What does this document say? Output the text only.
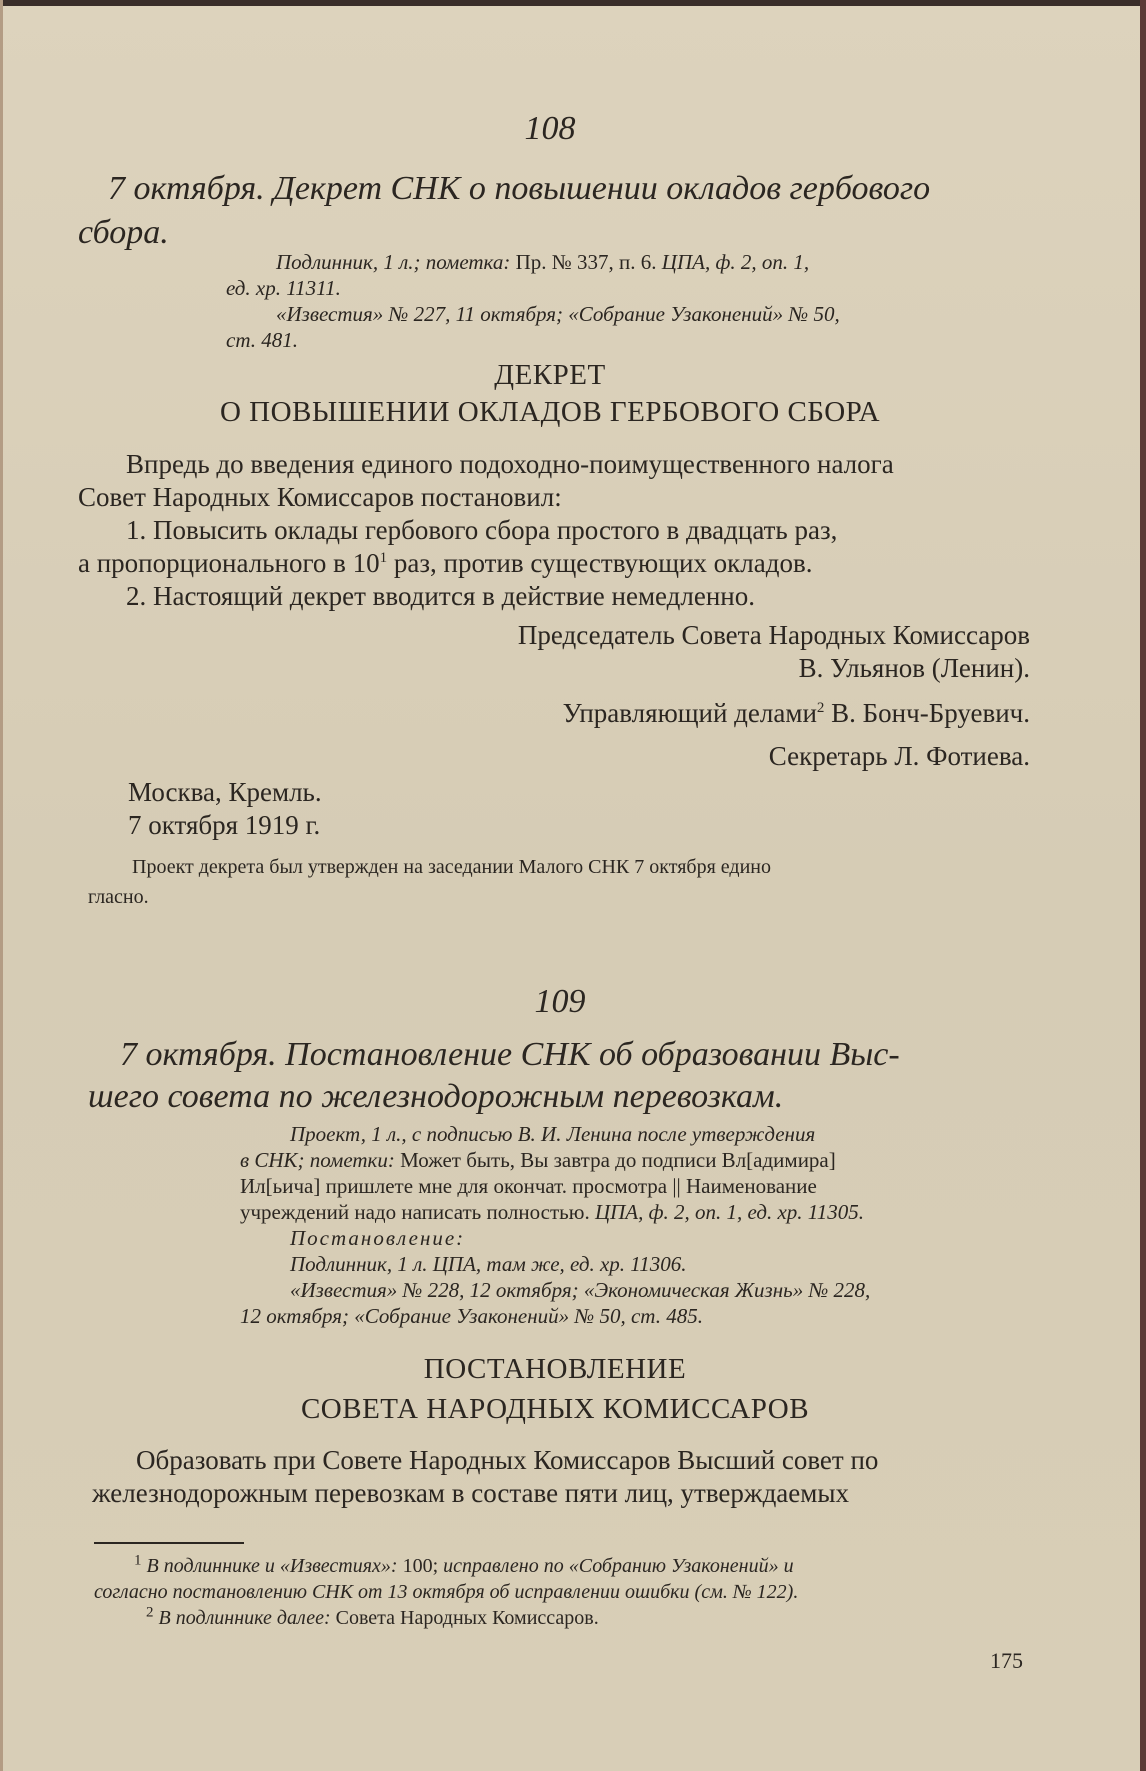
108
7 октября. Декрет СНК о повышении окладов гербового
сбора.
Подлинник, 1 л.; пометка: Пр. № 337, п. 6. ЦПА, ф. 2, оп. 1,
ед. хр. 11311.
«Известия» № 227, 11 октября; «Собрание Узаконений» № 50,
ст. 481.
ДЕКРЕТ
О ПОВЫШЕНИИ ОКЛАДОВ ГЕРБОВОГО СБОРА
Впредь до введения единого подоходно-поимущественного налога
Совет Народных Комиссаров постановил:
1. Повысить оклады гербового сбора простого в двадцать раз,
а пропорционального в $10^1$ раз, против существующих окладов.
2. Настоящий декрет вводится в действие немедленно.
Председатель Совета Народных Комиссаров
В. Ульянов (Ленин).
Управляющий делами$^2$ В. Бонч-Бруевич.
Секретарь Л. Фотиева.
Москва, Кремль.
7 октября 1919 г.
Проект декрета был утвержден на заседании Малого СНК 7 октября едино
гласно.
109
7 октября. Постановление СНК об образовании Выс-
шего совета по железнодорожным перевозкам.
Проект, 1 л., с подписью В. И. Ленина после утверждения
в СНК; пометки: Может быть, Вы завтра до подписи Вл[адимира]
Ил[ьича] пришлете мне для окончат. просмотра || Наименование
учреждений надо написать полностью. ЦПА, ф. 2, оп. 1, ед. хр. 11305.
Постановление:
Подлинник, 1 л. ЦПА, там же, ед. хр. 11306.
«Известия» № 228, 12 октября; «Экономическая Жизнь» № 228,
12 октября; «Собрание Узаконений» № 50, ст. 485.
ПОСТАНОВЛЕНИЕ
СОВЕТА НАРОДНЫХ КОМИССАРОВ
Образовать при Совете Народных Комиссаров Высший совет по
железнодорожным перевозкам в составе пяти лиц, утверждаемых
$^1$ В подлиннике и «Известиях»: 100; исправлено по «Собранию Узаконений» и
согласно постановлению СНК от 13 октября об исправлении ошибки (см. № 122).
$^2$ В подлиннике далее: Совета Народных Комиссаров.
175
